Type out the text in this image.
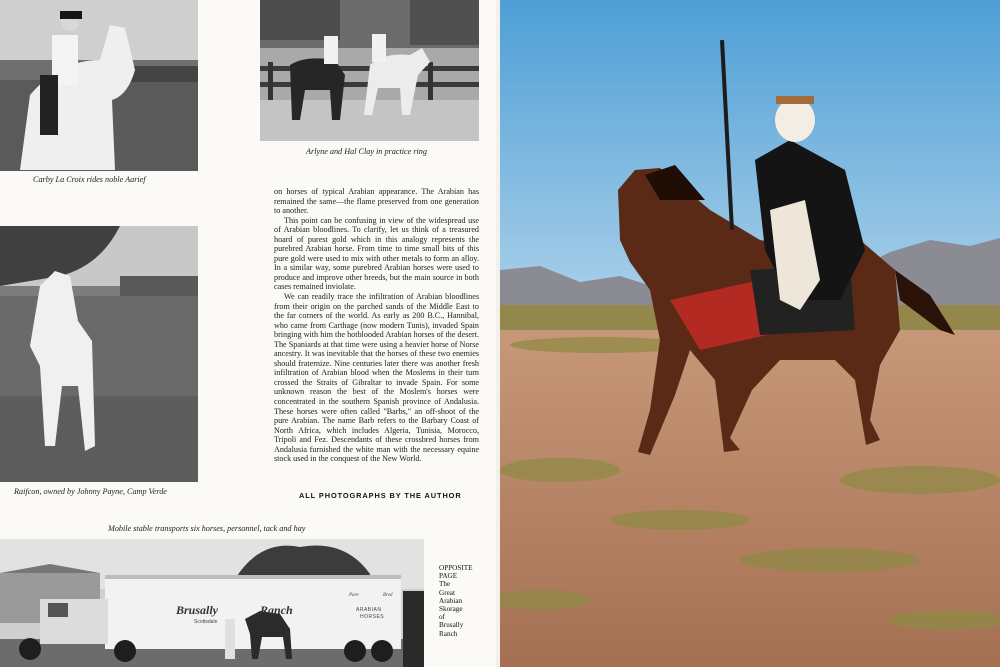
Carby La Croix rides noble Aarief
Arlyne and Hal Clay in practice ring
Raifcon, owned by Johnny Payne, Camp Verde

on horses of typical Arabian appearance. The Arabian has remained the same—the flame preserved from one generation to another.

This point can be confusing in view of the widespread use of Arabian bloodlines. To clarify, let us think of a treasured hoard of purest gold which in this analogy represents the purebred Arabian horse. From time to time small bits of this pure gold were used to mix with other metals to form an alloy. In a similar way, some purebred Arabian horses were used to produce and improve other breeds, but the main source in both cases remained inviolate.

We can readily trace the infiltration of Arabian bloodlines from their origin on the parched sands of the Middle East to the far corners of the world. As early as 200 B.C., Hannibal, who came from Carthage (now modern Tunis), invaded Spain bringing with him the hotblooded Arabian horses of the desert. The Spaniards at that time were using a heavier horse of Norse ancestry. It was inevitable that the horses of these two enemies should fraternize. Nine centuries later there was another fresh infiltration of Arabian blood when the Moslems in their turn crossed the Straits of Gibraltar to invade Spain. For some unknown reason the best of the Moslem's horses were concentrated in the southern Spanish province of Andalusia. These horses were often called "Barbs," an off-shoot of the pure Arabian. The name Barb refers to the Barbary Coast of North Africa, which includes Algeria, Tunisia, Morocco, Tripoli and Fez. Descendants of these crossbred horses from Andalusia furnished the white man with the necessary equine stock used in the conquest of the New World.

ALL PHOTOGRAPHS BY THE AUTHOR
Mobile stable transports six horses, personnel, tack and hay
Brusally	Ranch
Scottsdale
Pure	Bred
ARABIAN
HORSES
OPPOSITE PAGE
The Great Arabian Skorage of Brusally Ranch
